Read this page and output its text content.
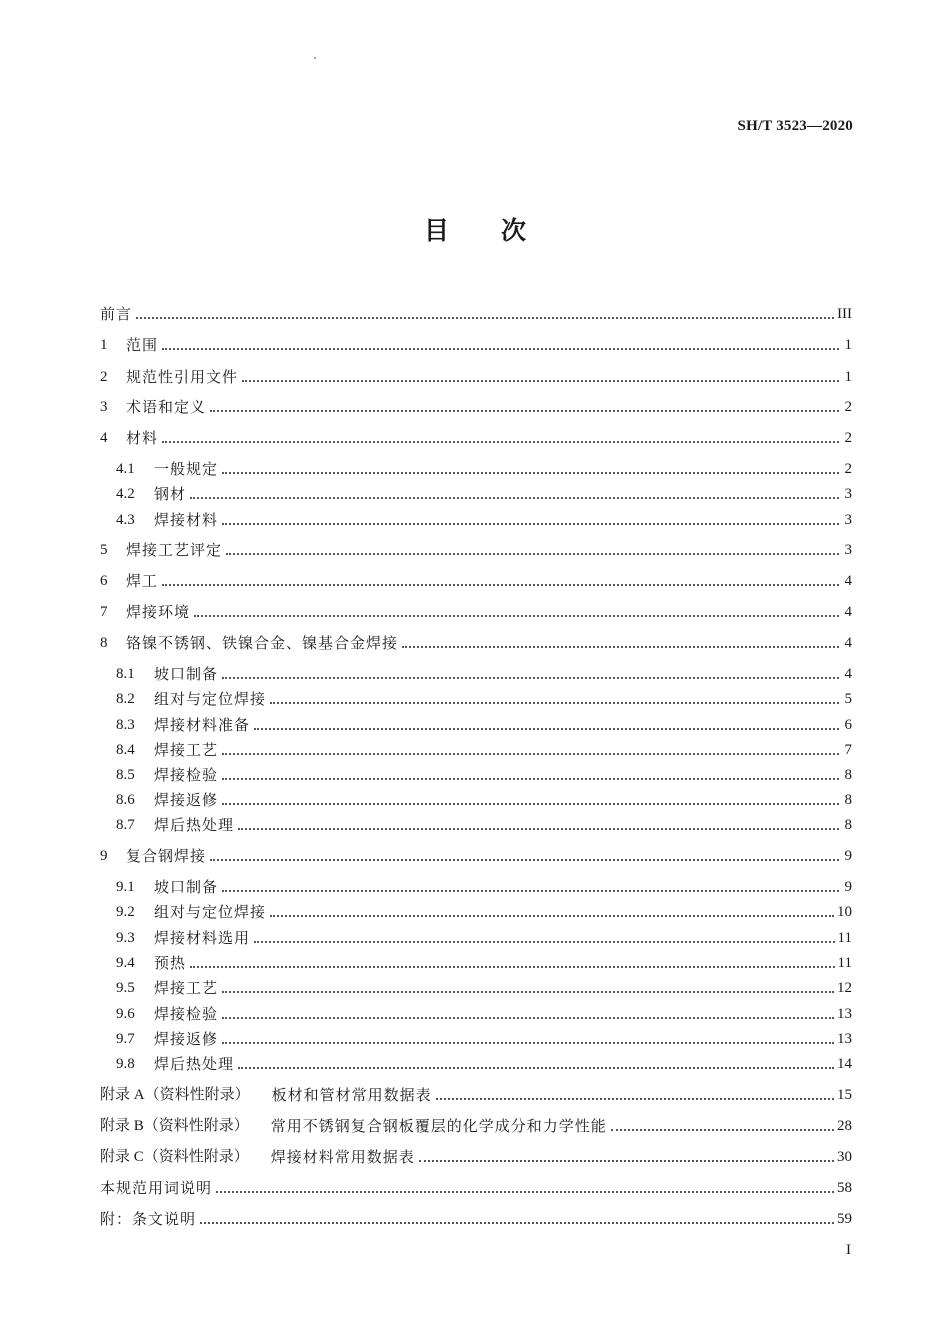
SH/T 3523—2020
目次
前言	III
1	范围	1
2	规范性引用文件	1
3	术语和定义	2
4	材料	2
4.1	一般规定	2
4.2	钢材	3
4.3	焊接材料	3
5	焊接工艺评定	3
6	焊工	4
7	焊接环境	4
8	铬镍不锈钢、铁镍合金、镍基合金焊接	4
8.1	坡口制备	4
8.2	组对与定位焊接	5
8.3	焊接材料准备	6
8.4	焊接工艺	7
8.5	焊接检验	8
8.6	焊接返修	8
8.7	焊后热处理	8
9	复合钢焊接	9
9.1	坡口制备	9
9.2	组对与定位焊接	10
9.3	焊接材料选用	11
9.4	预热	11
9.5	焊接工艺	12
9.6	焊接检验	13
9.7	焊接返修	13
9.8	焊后热处理	14
附录 A（资料性附录） 板材和管材常用数据表	15
附录 B（资料性附录） 常用不锈钢复合钢板覆层的化学成分和力学性能	28
附录 C（资料性附录） 焊接材料常用数据表	30
本规范用词说明	58
附：条文说明	59
I
